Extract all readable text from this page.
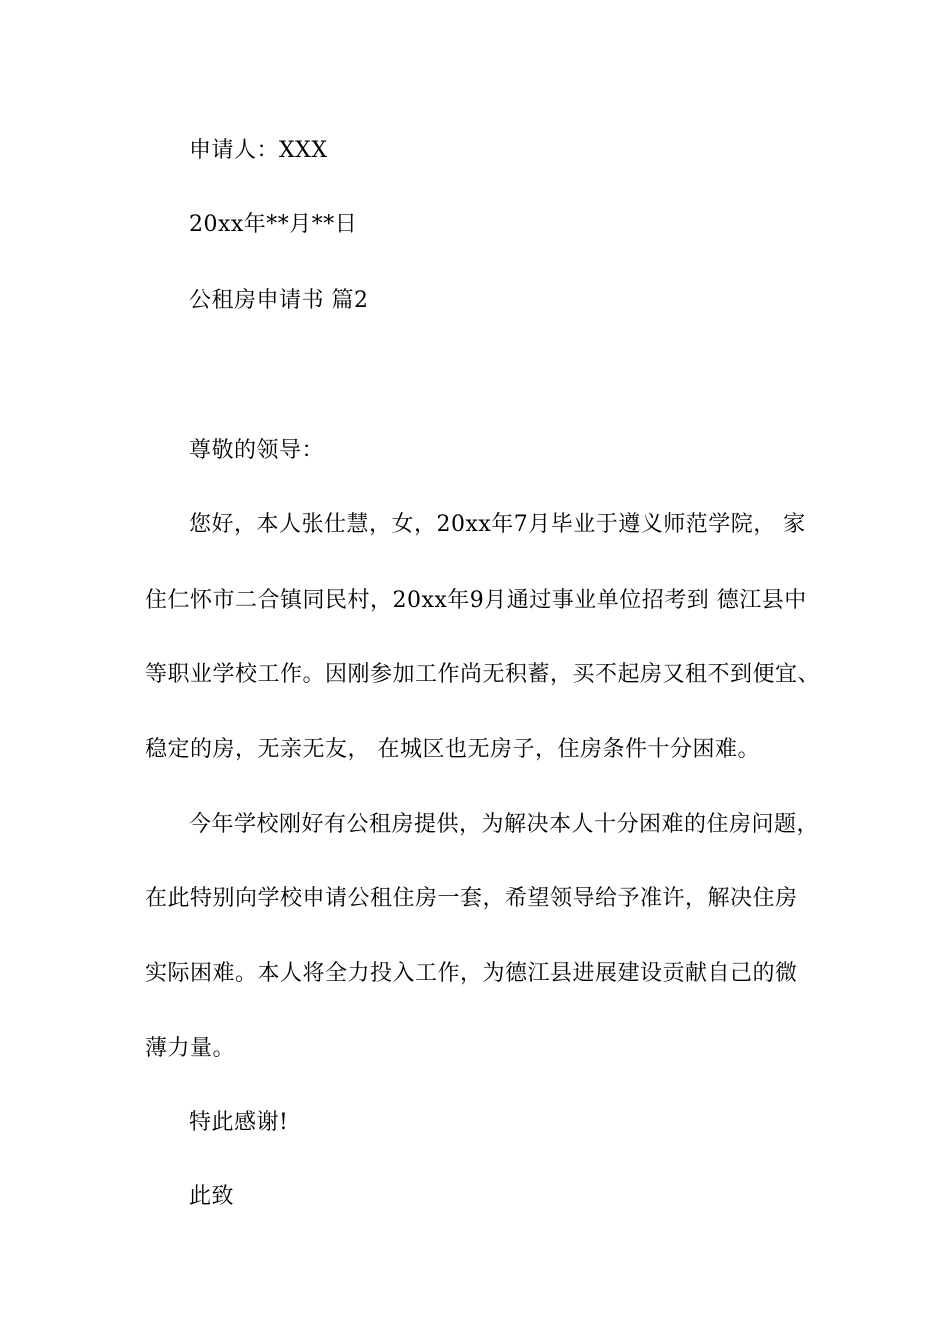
申请人：XXX
20xx年**月**日
公租房申请书 篇2
尊敬的领导：
您好，本人张仕慧，女，20xx年7月毕业于遵义师范学院， 家
住仁怀市二合镇同民村，20xx年9月通过事业单位招考到 德江县中
等职业学校工作。因刚参加工作尚无积蓄，买不起房又租不到便宜、
稳定的房，无亲无友， 在城区也无房子，住房条件十分困难。
今年学校刚好有公租房提供，为解决本人十分困难的住房问题，
在此特别向学校申请公租住房一套，希望领导给予准许，解决住房
实际困难。本人将全力投入工作，为德江县进展建设贡献自己的微
薄力量。
特此感谢!
此致
